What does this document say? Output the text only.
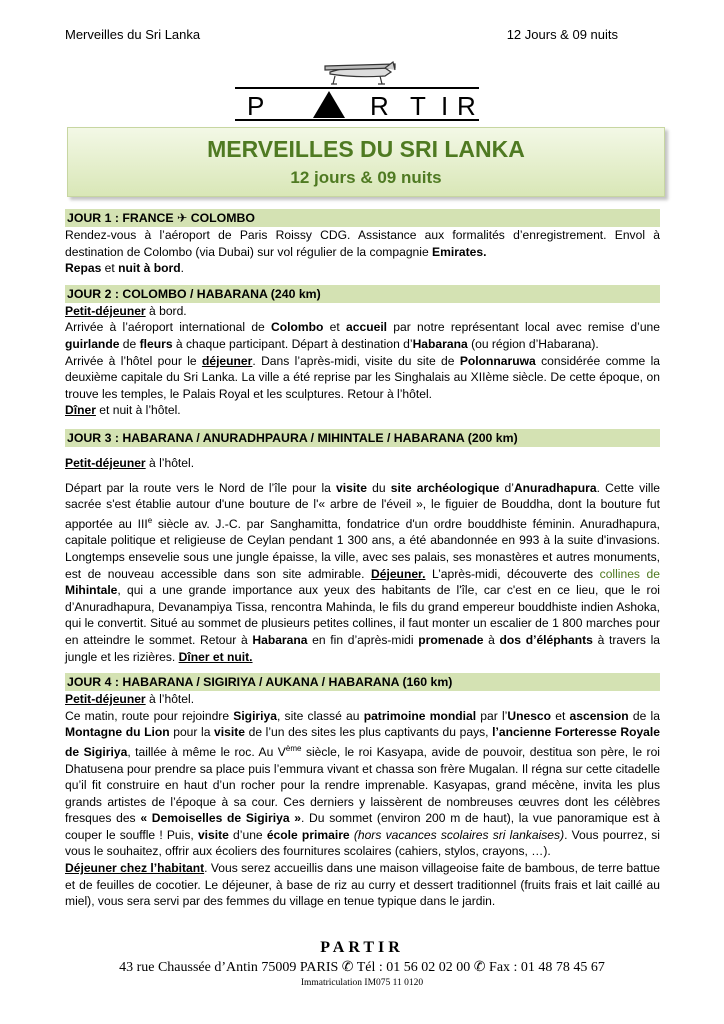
Merveilles du Sri Lanka	12 Jours & 09 nuits
P	R T I R
MERVEILLES DU SRI LANKA
12 jours & 09 nuits
JOUR 1 : FRANCE ✈ COLOMBO

Rendez-vous à l’aéroport de Paris Roissy CDG. Assistance aux formalités d’enregistrement. Envol à destination de Colombo (via Dubai) sur vol régulier de la compagnie Emirates.
Repas et nuit à bord.

JOUR 2 : COLOMBO / HABARANA (240 km)

Petit-déjeuner à bord.
Arrivée à l’aéroport international de Colombo et accueil par notre représentant local avec remise d’une guirlande de fleurs à chaque participant. Départ à destination d’Habarana (ou région d’Habarana).
Arrivée à l’hôtel pour le déjeuner. Dans l’après-midi, visite du site de Polonnaruwa considérée comme la deuxième capitale du Sri Lanka. La ville a été reprise par les Singhalais au XIIème siècle. De cette époque, on trouve les temples, le Palais Royal et les sculptures. Retour à l’hôtel.
Dîner et nuit à l’hôtel.

JOUR 3 : HABARANA / ANURADHPAURA / MIHINTALE / HABARANA (200 km)

Petit-déjeuner à l’hôtel.

Départ par la route vers le Nord de l’île pour la visite du site archéologique d’Anuradhapura. Cette ville sacrée s'est établie autour d'une bouture de l'« arbre de l'éveil », le figuier de Bouddha, dont la bouture fut apportée au IIIe siècle av. J.-C. par Sanghamitta, fondatrice d'un ordre bouddhiste féminin. Anuradhapura, capitale politique et religieuse de Ceylan pendant 1 300 ans, a été abandonnée en 993 à la suite d'invasions. Longtemps ensevelie sous une jungle épaisse, la ville, avec ses palais, ses monastères et autres monuments, est de nouveau accessible dans son site admirable. Déjeuner. L’après-midi, découverte des collines de Mihintale, qui a une grande importance aux yeux des habitants de l'île, car c'est en ce lieu, que le roi d’Anuradhapura, Devanampiya Tissa, rencontra Mahinda, le fils du grand empereur bouddhiste indien Ashoka, qui le convertit. Situé au sommet de plusieurs petites collines, il faut monter un escalier de 1 800 marches pour en atteindre le sommet. Retour à Habarana en fin d’après-midi promenade à dos d’éléphants à travers la jungle et les rizières. Dîner et nuit.

JOUR 4 : HABARANA / SIGIRIYA / AUKANA / HABARANA (160 km)

Petit-déjeuner à l’hôtel.
Ce matin, route pour rejoindre Sigiriya, site classé au patrimoine mondial par l’Unesco et ascension de la Montagne du Lion pour la visite de l’un des sites les plus captivants du pays, l’ancienne Forteresse Royale de Sigiriya, taillée à même le roc. Au Vème siècle, le roi Kasyapa, avide de pouvoir, destitua son père, le roi Dhatusena pour prendre sa place puis l’emmura vivant et chassa son frère Mugalan. Il régna sur cette citadelle qu’il fit construire en haut d’un rocher pour la rendre imprenable. Kasyapas, grand mécène, invita les plus grands artistes de l’époque à sa cour. Ces derniers y laissèrent de nombreuses œuvres dont les célèbres fresques des « Demoiselles de Sigiriya ». Du sommet (environ 200 m de haut), la vue panoramique est à couper le souffle ! Puis, visite d’une école primaire (hors vacances scolaires sri lankaises). Vous pourrez, si vous le souhaitez, offrir aux écoliers des fournitures scolaires (cahiers, stylos, crayons, …).
Déjeuner chez l’habitant. Vous serez accueillis dans une maison villageoise faite de bambous, de terre battue et de feuilles de cocotier. Le déjeuner, à base de riz au curry et dessert traditionnel (fruits frais et lait caillé au miel), vous sera servi par des femmes du village en tenue typique dans le jardin.

PARTIR
43 rue Chaussée d’Antin 75009 PARIS ✆ Tél : 01 56 02 02 00 ✆ Fax : 01 48 78 45 67
Immatriculation IM075 11 0120
